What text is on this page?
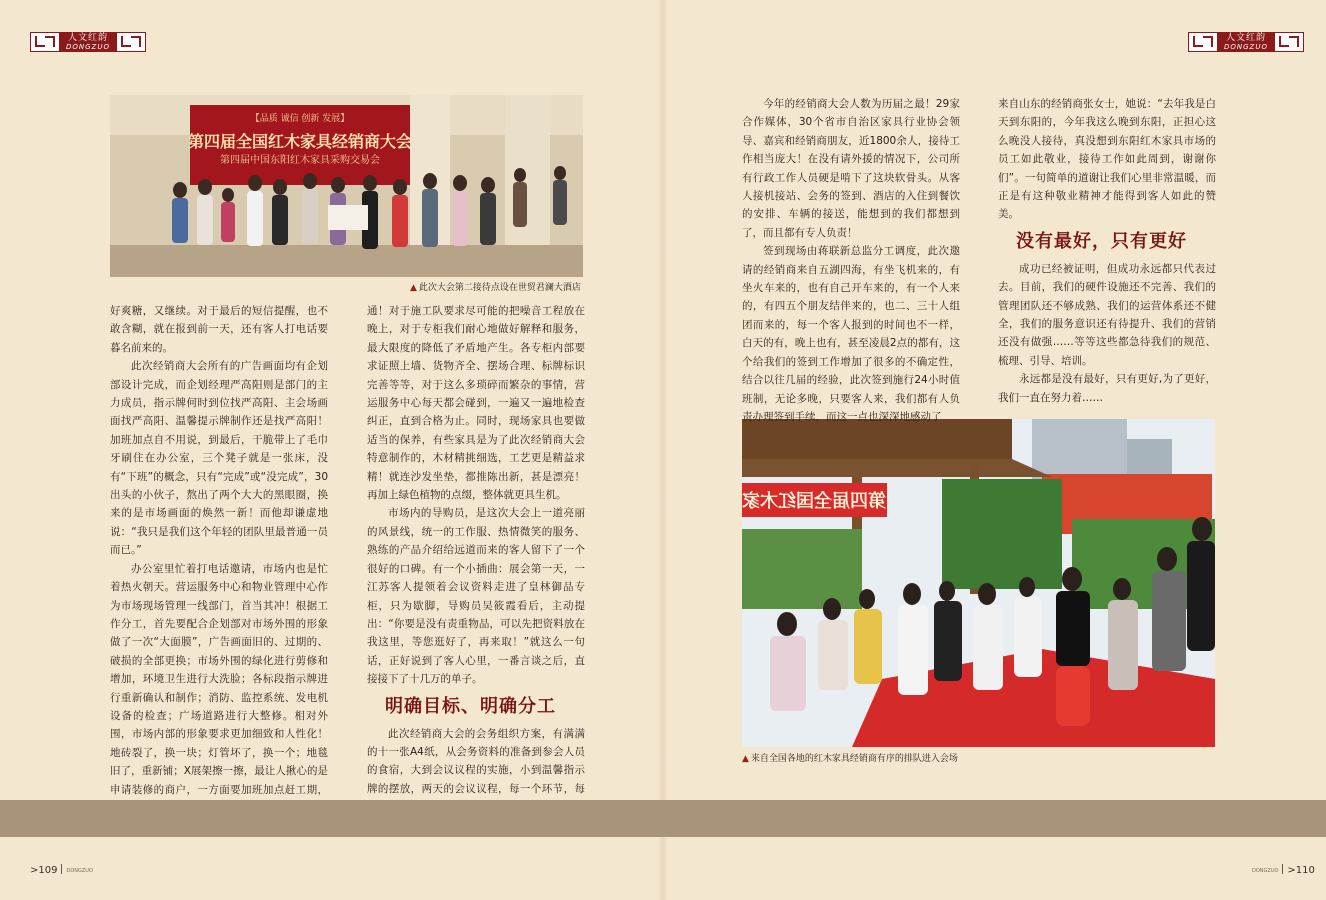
人文红韵
DONGZUO
人文红韵
DONGZUO
【品质 诚信 创新 发展】
第四届全国红木家具经销商大会
第四届中国东阳红木家具采购交易会
▲ 此次大会第二接待点设在世贸君澜大酒店
第四届全国红木家
▲ 来自全国各地的红木家具经销商有序的排队进入会场

好爽糖，又继续。对于最后的短信提醒，也不敢含糊，就在报到前一天，还有客人打电话要暮名前来的。

此次经销商大会所有的广告画面均有企划部设计完成，而企划经理严高阳则是部门的主力成员，指示牌何时到位找严高阳、主会场画面找严高阳、温馨提示牌制作还是找严高阳！加班加点自不用说，到最后，干脆带上了毛巾牙刷住在办公室，三个凳子就是一张床，没有“下班”的概念，只有“完成”或“没完成”，30出头的小伙子，熬出了两个大大的黑眼圈，换来的是市场画面的焕然一新！而他却谦虚地说：“我只是我们这个年轻的团队里最普通一员而已。”

办公室里忙着打电话邀请，市场内也是忙着热火朝天。营运服务中心和物业管理中心作为市场现场管理一线部门，首当其冲！根据工作分工，首先要配合企划部对市场外围的形象做了一次“大面膜”，广告画面旧的、过期的、破损的全部更换；市场外围的绿化进行剪修和增加，环境卫生进行大洗脸；各标段指示牌进行重新确认和制作；消防、监控系统、发电机设备的检查；广场道路进行大整修。相对外围，市场内部的形象要求更加细致和人性化！地砖裂了，换一块；灯管坏了，换一个；地毯旧了，重新铺；X展架擦一擦，最让人揪心的是申请装修的商户，一方面要加班加点赶工期，

通！对于施工队要求尽可能的把噪音工程放在晚上，对于专柜我们耐心地做好解释和服务，最大限度的降低了矛盾地产生。各专柜内部要求证照上墙、货物齐全、摆场合理、标牌标识完善等等，对于这么多琐碎而繁杂的事情，营运服务中心每天都会碰到，一遍又一遍地检查纠正，直到合格为止。同时，现场家具也要做适当的保养，有些家具是为了此次经销商大会特意制作的，木材精挑细选，工艺更是精益求精！就连沙发坐垫，都推陈出新，甚是漂亮！再加上绿色植物的点缀，整体就更具生机。

市场内的导购员，是这次大会上一道亮丽的风景线，统一的工作服、热情微笑的服务、熟练的产品介绍给远道而来的客人留下了一个很好的口碑。有一个小插曲：展会第一天，一江苏客人提领着会议资料走进了皇林御品专柜，只为歇脚，导购员吴筱霞看后，主动提出：“你要是没有责重物品，可以先把资料放在我这里，等您逛好了，再来取！”就这么一句话，正好说到了客人心里，一番言谈之后，直接接下了十几万的单子。

明确目标、明确分工

此次经销商大会的会务组织方案，有满满的十一张A4纸，从会务资料的准备到参会人员的食宿，大到会议议程的实施，小到温馨指示牌的摆放，两天的会议议程，每一个环节，每

今年的经销商大会人数为历届之最！29家合作媒体，30个省市自治区家具行业协会领导、嘉宾和经销商朋友，近1800余人，接待工作相当庞大！在没有请外援的情况下，公司所有行政工作人员硬是啃下了这块软骨头。从客人接机接站、会务的签到、酒店的入住到餐饮的安排、车辆的接送，能想到的我们都想到了，而且都有专人负责！

签到现场由蒋联新总监分工调度，此次邀请的经销商来自五湖四海，有坐飞机来的，有坐火车来的，也有自己开车来的，有一个人来的，有四五个朋友结伴来的，也二、三十人组团而来的，每一个客人报到的时间也不一样，白天的有，晚上也有，甚至凌晨2点的都有，这个给我们的签到工作增加了很多的不确定性，结合以往几届的经验，此次签到施行24小时值班制，无论多晚，只要客人来，我们都有人负责办理签到手续，而这一点也深深地感动了

来自山东的经销商张女士，她说：“去年我是白天到东阳的，今年我这么晚到东阳，正担心这么晚没人接待，真没想到东阳红木家具市场的员工如此敬业，接待工作如此周到，谢谢你们”。一句简单的道谢让我们心里非常温暖，而正是有这种敬业精神才能得到客人如此的赞美。

没有最好，只有更好

成功已经被证明，但成功永远都只代表过去。目前，我们的硬件设施还不完善、我们的管理团队还不够成熟、我们的运营体系还不健全，我们的服务意识还有待提升、我们的营销还没有做强……等等这些都急待我们的规范、梳理、引导、培训。

永远都是没有最好，只有更好,为了更好，我们一直在努力着……

>109 DONGZUO	DONGZUO >110
